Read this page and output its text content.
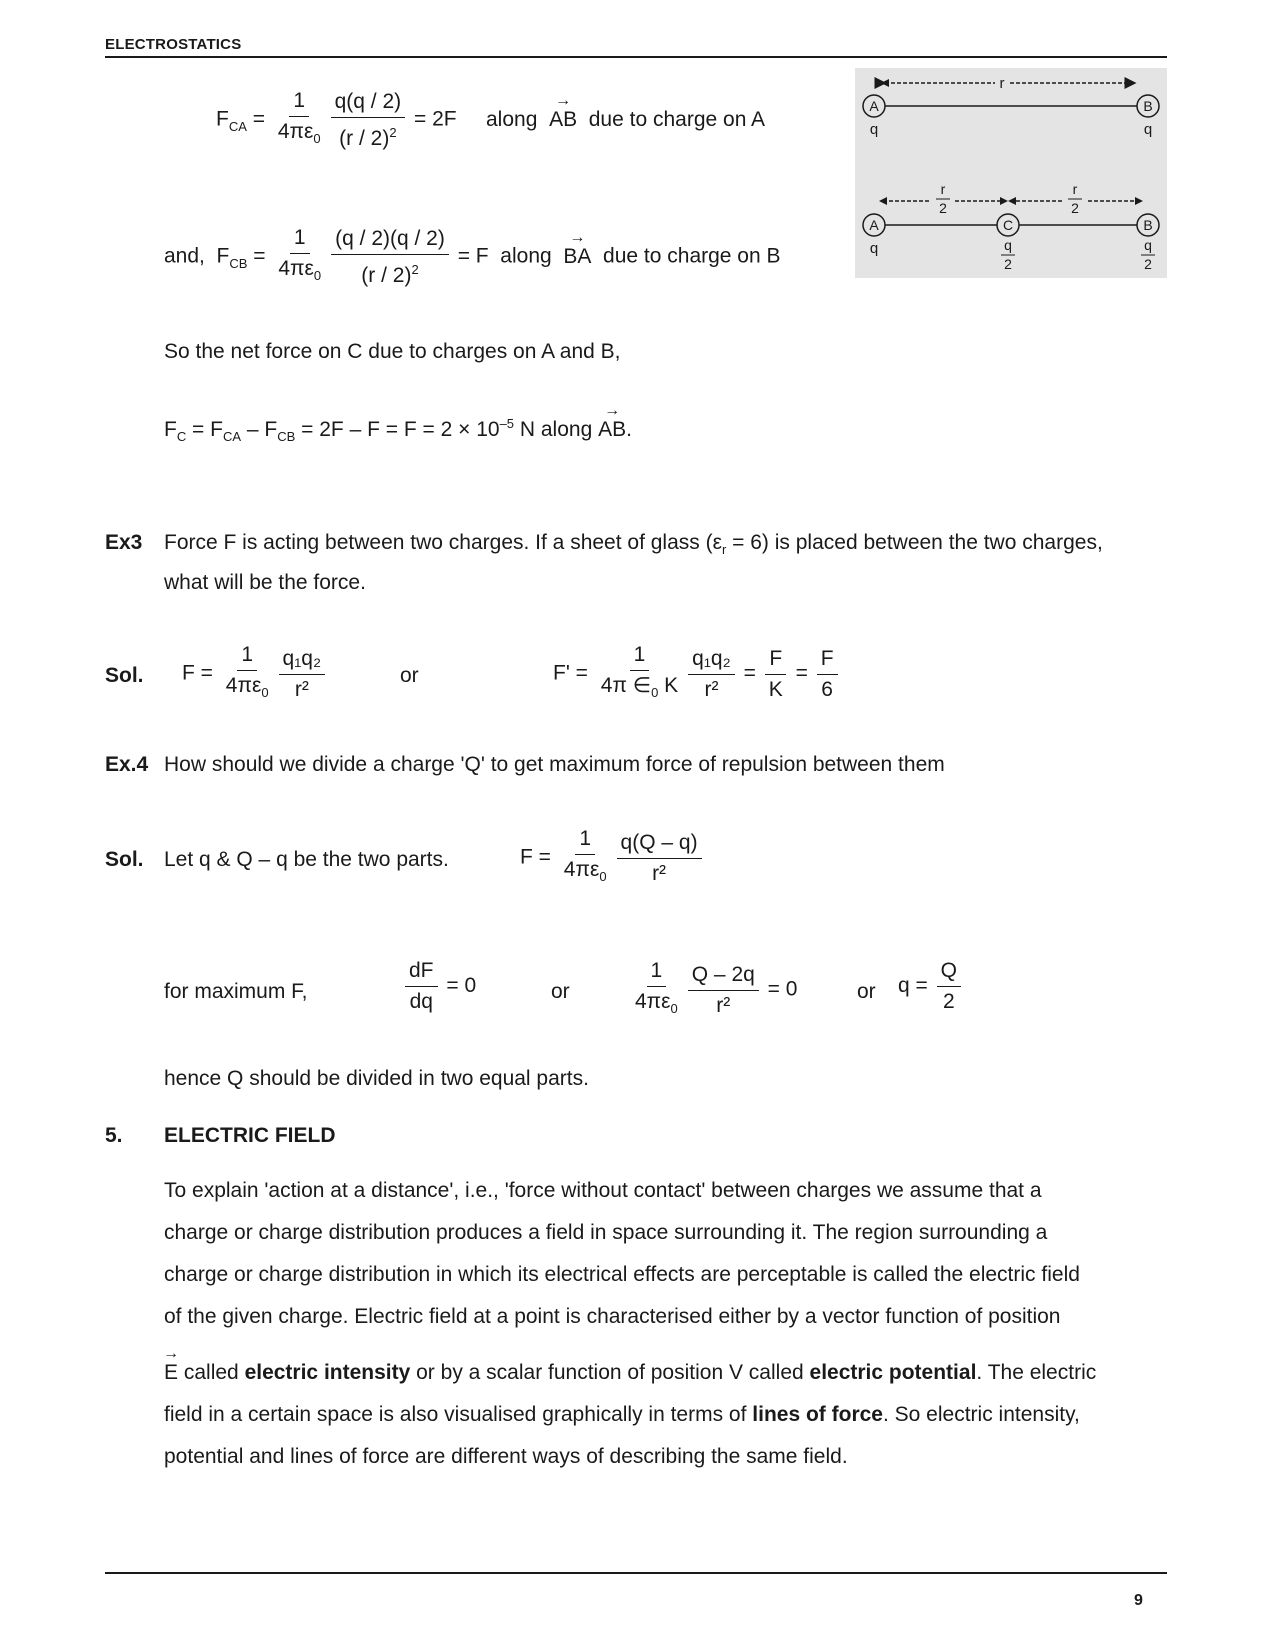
ELECTROSTATICS
$F_{CA} = \frac{1}{4\pi\varepsilon_0} \frac{q(q / 2)}{(r / 2)^2} = 2F$ along → AB due to charge on A
r
A	B
q	q
r
2
r
2
A	C	B
q	q
2
q
2
and, $F_{CB} = \frac{1}{4\pi\varepsilon_0} \frac{(q / 2)(q / 2)}{(r / 2)^2} = F$ along → BA due to charge on B
So the net force on C due to charges on A and B,
$F_C = F_{CA} - F_{CB} = 2F - F = F = 2 \times 10^{-5}$ N along → AB.
Ex3 Force F is acting between two charges. If a sheet of glass $(\varepsilon_r = 6)$ is placed between the two charges,
what will be the force.
Sol. $F = \frac{1}{4\pi\varepsilon_0} \frac{\text{q₁q₂}}{\text{r²}}$	or	$F' = \frac{1}{4\pi \in_0 K} \frac{\text{q₁q₂}}{\text{r²}} = \frac{F}{K} = \frac{F}{6}$
Ex.4 How should we divide a charge 'Q' to get maximum force of repulsion between them
Sol. Let q & Q – q be the two parts.	$F = \frac{1}{4\pi\varepsilon_0} \frac{q(Q - q)}{\text{r²}}$
for maximum F,	$\frac{dF}{dq} = 0$	or	$\frac{1}{4\pi\varepsilon_0} \frac{Q - 2q}{\text{r²}} = 0$	or $q = \frac{Q}{2}$
hence Q should be divided in two equal parts.
5. ELECTRIC FIELD
To explain 'action at a distance', i.e., 'force without contact' between charges we assume that a
charge or charge distribution produces a field in space surrounding it. The region surrounding a
charge or charge distribution in which its electrical effects are perceptable is called the electric field
of the given charge. Electric field at a point is characterised either by a vector function of position
→ E called electric intensity or by a scalar function of position V called electric potential. The electric
field in a certain space is also visualised graphically in terms of lines of force. So electric intensity,
potential and lines of force are different ways of describing the same field.
9
